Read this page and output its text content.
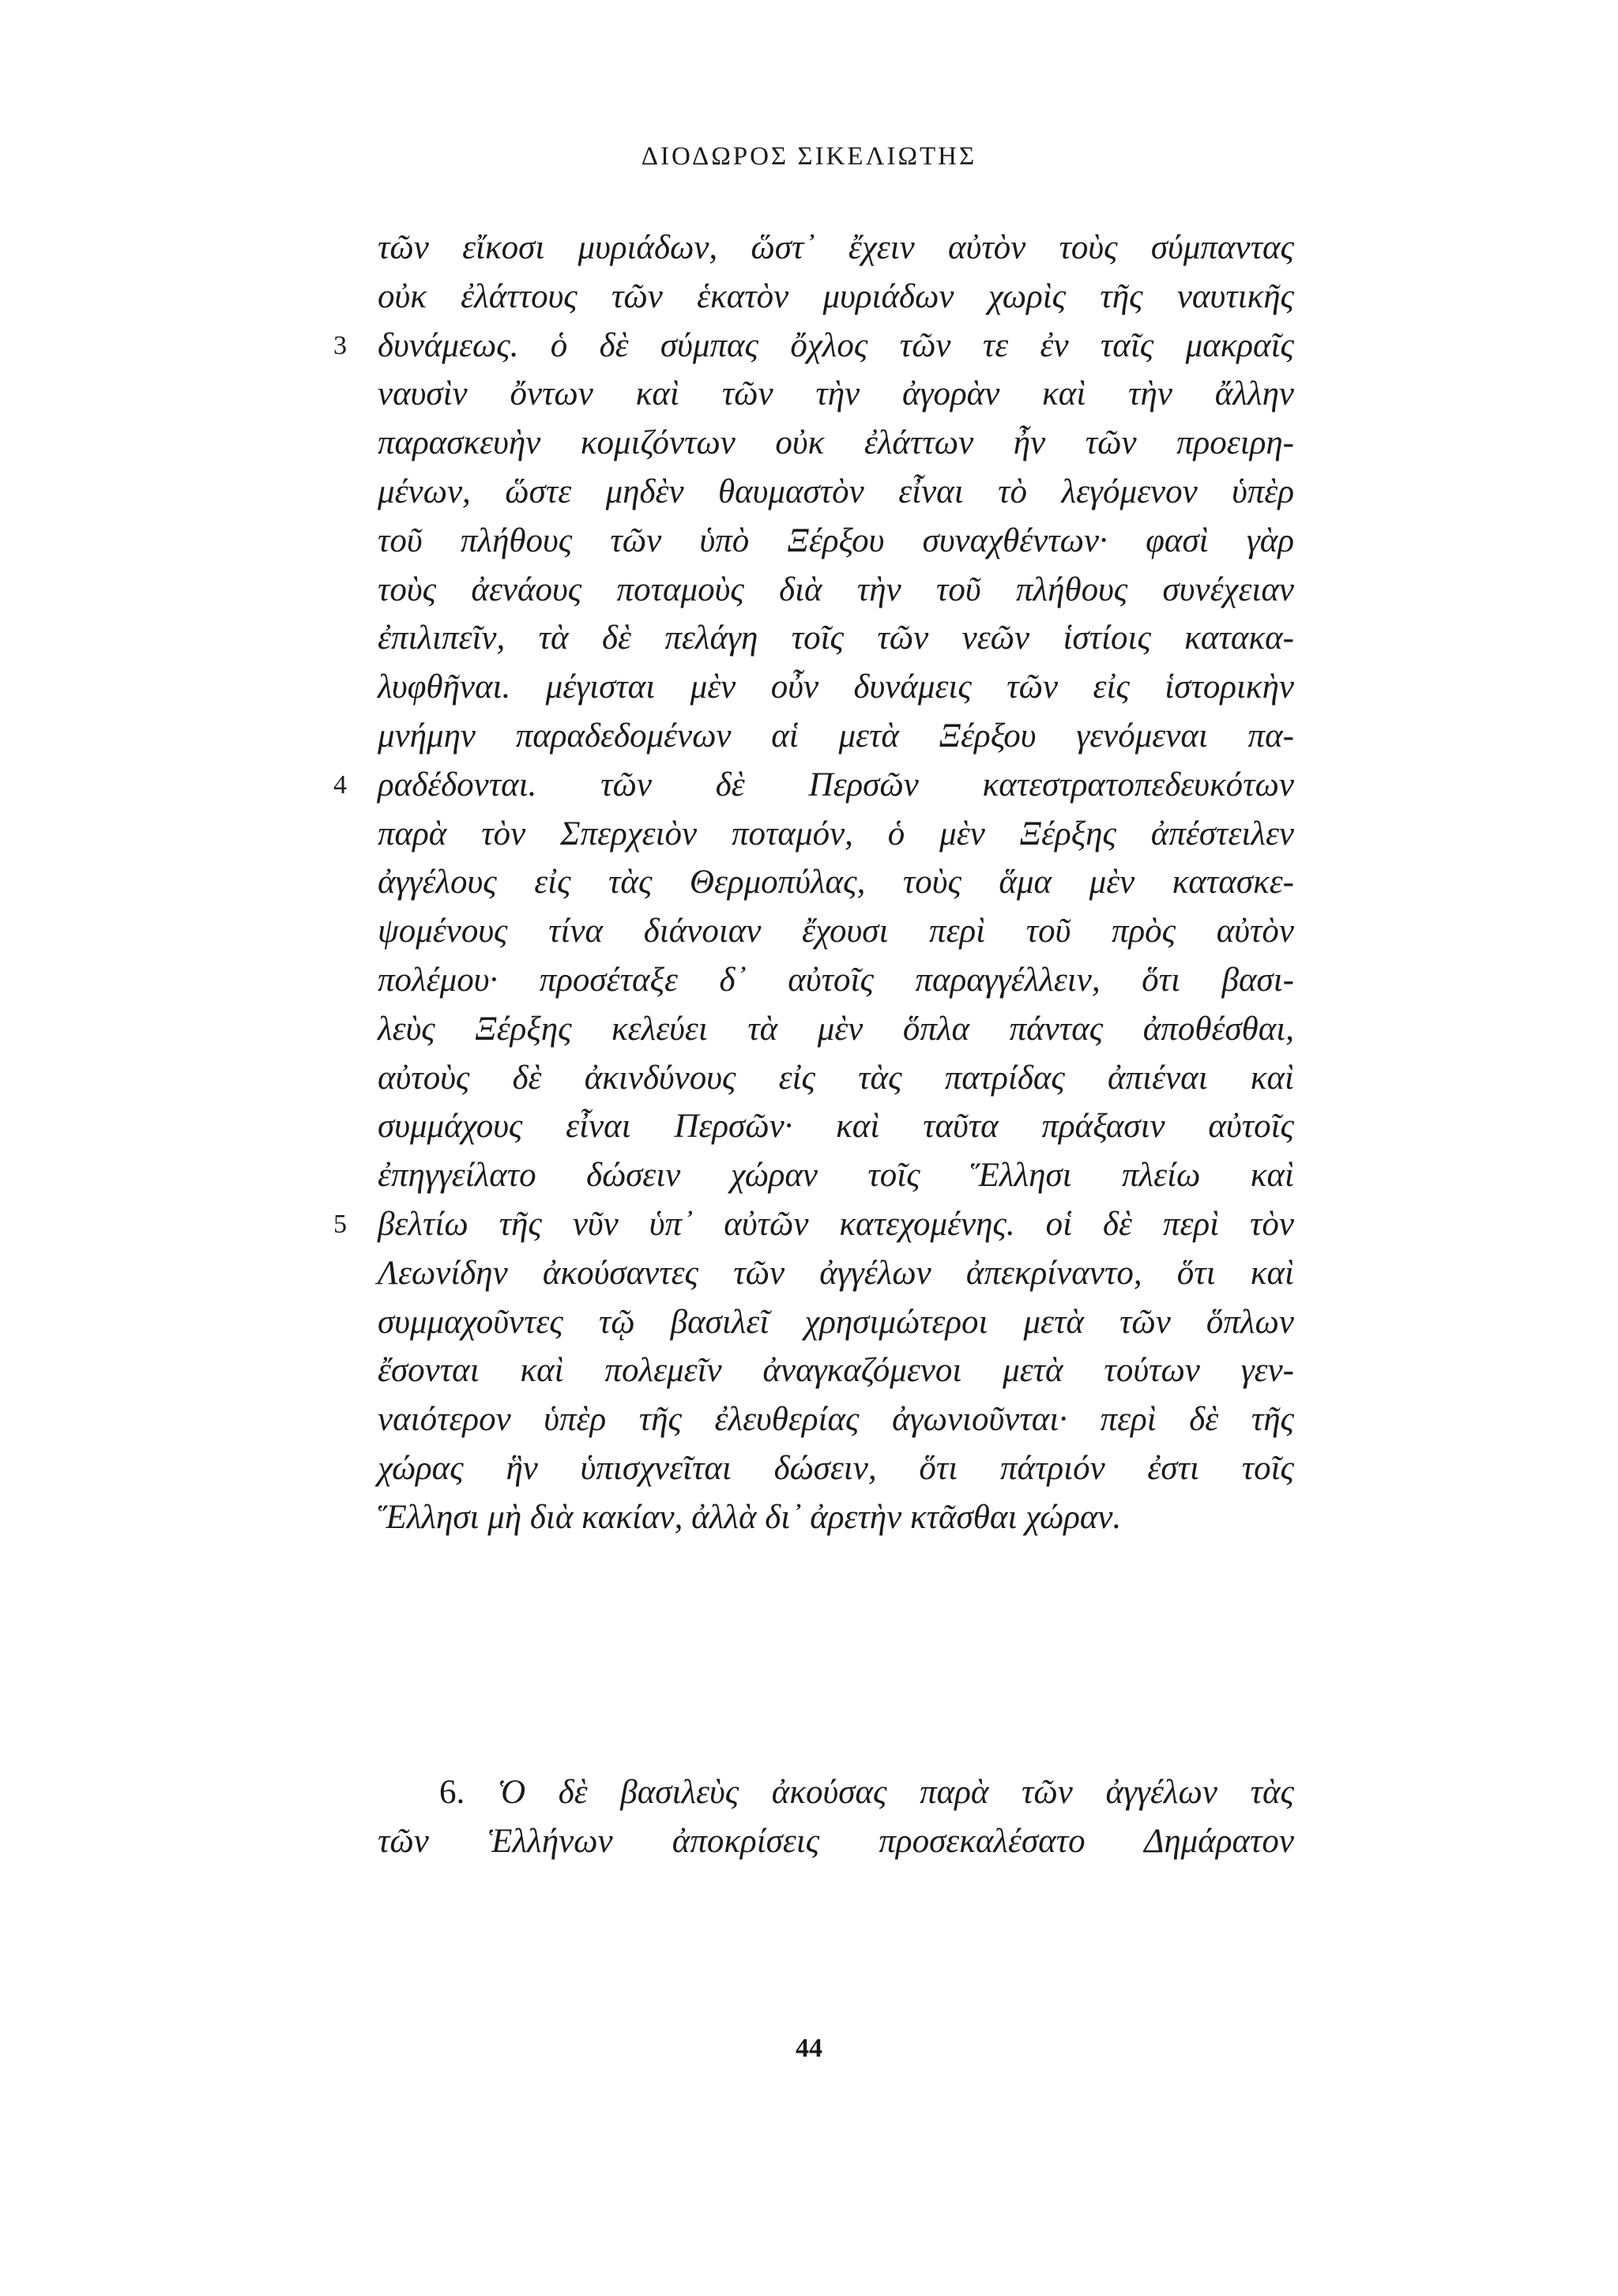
ΔΙΟΔΩΡΟΣ ΣΙΚΕΛΙΩΤΗΣ
τῶν εἴκοσι μυριάδων, ὥστ᾽ ἔχειν αὐτὸν τοὺς σύμπαντας
οὐκ ἐλάττους τῶν ἑκατὸν μυριάδων χωρὶς τῆς ναυτικῆς
3 δυνάμεως. ὁ δὲ σύμπας ὄχλος τῶν τε ἐν ταῖς μακραῖς
ναυσὶν ὄντων καὶ τῶν τὴν ἀγορὰν καὶ τὴν ἄλλην
παρασκευὴν κομιζόντων οὐκ ἐλάττων ἦν τῶν προειρη-
μένων, ὥστε μηδὲν θαυμαστὸν εἶναι τὸ λεγόμενον ὑπὲρ
τοῦ πλήθους τῶν ὑπὸ Ξέρξου συναχθέντων· φασὶ γὰρ
τοὺς ἀενάους ποταμοὺς διὰ τὴν τοῦ πλήθους συνέχειαν
ἐπιλιπεῖν, τὰ δὲ πελάγη τοῖς τῶν νεῶν ἱστίοις κατακα-
λυφθῆναι. μέγισται μὲν οὖν δυνάμεις τῶν εἰς ἱστορικὴν
μνήμην παραδεδομένων αἱ μετὰ Ξέρξου γενόμεναι πα-
4 ραδέδονται. τῶν δὲ Περσῶν κατεστρατοπεδευκότων
παρὰ τὸν Σπερχειὸν ποταμόν, ὁ μὲν Ξέρξης ἀπέστειλεν
ἀγγέλους εἰς τὰς Θερμοπύλας, τοὺς ἅμα μὲν κατασκε-
ψομένους τίνα διάνοιαν ἔχουσι περὶ τοῦ πρὸς αὐτὸν
πολέμου· προσέταξε δ᾽ αὐτοῖς παραγγέλλειν, ὅτι βασι-
λεὺς Ξέρξης κελεύει τὰ μὲν ὅπλα πάντας ἀποθέσθαι,
αὐτοὺς δὲ ἀκινδύνους εἰς τὰς πατρίδας ἀπιέναι καὶ
συμμάχους εἶναι Περσῶν· καὶ ταῦτα πράξασιν αὐτοῖς
ἐπηγγείλατο δώσειν χώραν τοῖς Ἕλλησι πλείω καὶ
5 βελτίω τῆς νῦν ὑπ᾽ αὐτῶν κατεχομένης. οἱ δὲ περὶ τὸν
Λεωνίδην ἀκούσαντες τῶν ἀγγέλων ἀπεκρίναντο, ὅτι καὶ
συμμαχοῦντες τῷ βασιλεῖ χρησιμώτεροι μετὰ τῶν ὅπλων
ἔσονται καὶ πολεμεῖν ἀναγκαζόμενοι μετὰ τούτων γεν-
ναιότερον ὑπὲρ τῆς ἐλευθερίας ἀγωνιοῦνται· περὶ δὲ τῆς
χώρας ἣν ὑπισχνεῖται δώσειν, ὅτι πάτριόν ἐστι τοῖς
Ἕλλησι μὴ διὰ κακίαν, ἀλλὰ δι᾽ ἀρετὴν κτᾶσθαι χώραν.
6. Ὁ δὲ βασιλεὺς ἀκούσας παρὰ τῶν ἀγγέλων τὰς
τῶν Ἑλλήνων ἀποκρίσεις προσεκαλέσατο Δημάρατον
44
